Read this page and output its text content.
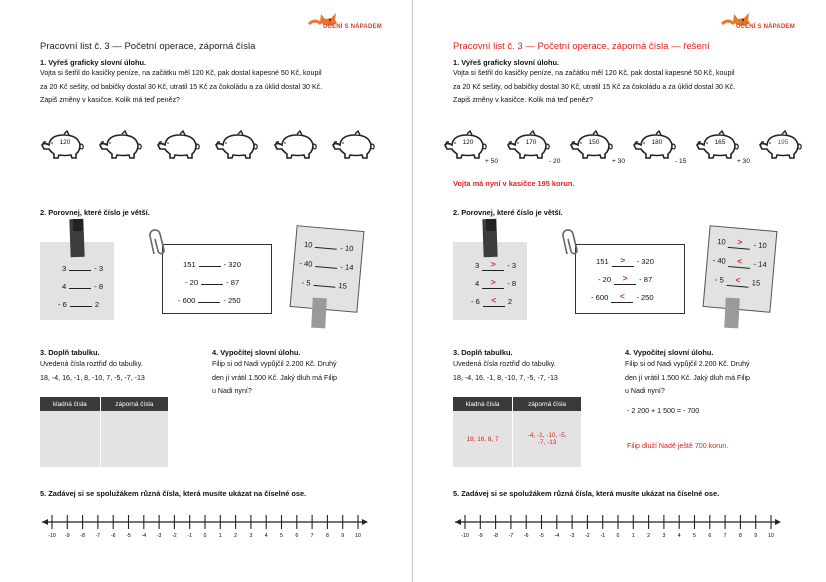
UČENÍ S NÁPADEM
Pracovní list č. 3 — Početní operace, záporná čísla
1. Vyřeš graficky slovní úlohu.
Vojta si šetřil do kasičky peníze, na začátku měl 120 Kč, pak dostal kapesné 50 Kč, koupil
za 20 Kč sešity, od babičky dostal 30 Kč, utratil 15 Kč za čokoládu a za úklid dostal 30 Kč.
Zapiš změny v kasičce. Kolik má teď peněz?
120
2. Porovnej, které číslo je větší.
3	- 3
4	- 8
- 6	2
151	- 320
- 20	- 87
- 600	- 250
10	- 10
- 40	- 14
- 5	15
3. Doplň tabulku.
Uvedená čísla roztřiď do tabulky.
18, -4, 16, -1, 8, -10, 7, -5, -7, -13
kladná čísla	záporná čísla

4. Vypočítej slovní úlohu.
Filip si od Nadi vypůjčil 2.200 Kč. Druhý
den jí vrátil 1.500 Kč. Jaký dluh má Filip
u Nadi nyní?
5. Zadávej si se spolužákem různá čísla, která musíte ukázat na číselné ose.
-10 -9 -8 -7 -6 -5 -4 -3 -2 -1 0 1 2 3 4 5 6 7 8 9 10
UČENÍ S NÁPADEM
Pracovní list č. 3 — Početní operace, záporná čísla — řešení
1. Vyřeš graficky slovní úlohu.
Vojta si šetřil do kasičky peníze, na začátku měl 120 Kč, pak dostal kapesné 50 Kč, koupil
za 20 Kč sešity, od babičky dostal 30 Kč, utratil 15 Kč za čokoládu a za úklid dostal 30 Kč.
Zapiš změny v kasičce. Kolik má teď peněz?
120	170	150	180	165	195
+ 50	- 20	+ 30	- 15	+ 30
Vojta má nyní v kasičce 195 korun.
2. Porovnej, které číslo je větší.
3 > - 3
4 > - 8
- 6 < 2
151 > - 320
- 20 > - 87
- 600 < - 250
10 > - 10
- 40 < - 14
- 5 < 15
3. Doplň tabulku.
Uvedená čísla roztřiď do tabulky.
18, -4, 16, -1, 8, -10, 7, -5, -7, -13
kladná čísla	záporná čísla
18, 16, 8, 7	-4, -1, -10, -5,
-7, -13
4. Vypočítej slovní úlohu.
Filip si od Nadi vypůjčil 2.200 Kč. Druhý
den jí vrátil 1.500 Kč. Jaký dluh má Filip
u Nadi nyní?
- 2 200 + 1 500 = - 700
Filip dluží Nadě ještě 700 korun.
5. Zadávej si se spolužákem různá čísla, která musíte ukázat na číselné ose.
-10 -9 -8 -7 -6 -5 -4 -3 -2 -1 0 1 2 3 4 5 6 7 8 9 10
